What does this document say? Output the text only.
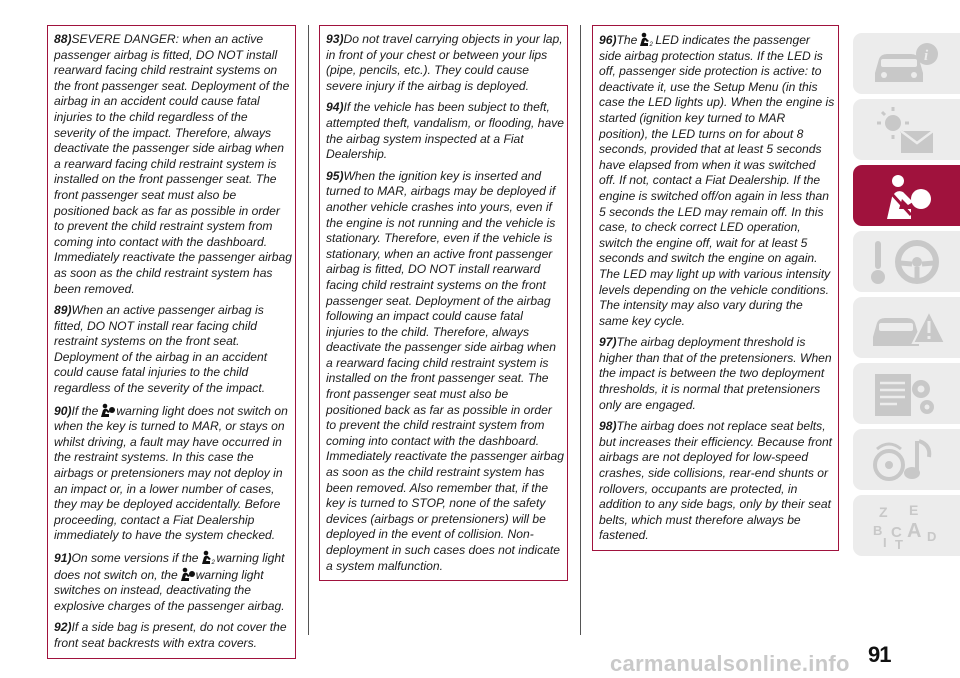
88)SEVERE DANGER: when an active passenger airbag is fitted, DO NOT install rearward facing child restraint systems on the front passenger seat. Deployment of the airbag in an accident could cause fatal injuries to the child regardless of the severity of the impact. Therefore, always deactivate the passenger side airbag when a rearward facing child restraint system is installed on the front passenger seat. The front passenger seat must also be positioned back as far as possible in order to prevent the child restraint system from coming into contact with the dashboard. Immediately reactivate the passenger airbag as soon as the child restraint system has been removed.

89)When an active passenger airbag is fitted, DO NOT install rear facing child restraint systems on the front seat. Deployment of the airbag in an accident could cause fatal injuries to the child regardless of the severity of the impact.

90)If the warning light does not switch on when the key is turned to MAR, or stays on whilst driving, a fault may have occurred in the restraint systems. In this case the airbags or pretensioners may not deploy in an impact or, in a lower number of cases, they may be deployed accidentally. Before proceeding, contact a Fiat Dealership immediately to have the system checked.

91)On some versions if the 2 warning light does not switch on, the warning light switches on instead, deactivating the explosive charges of the passenger airbag.

92)If a side bag is present, do not cover the front seat backrests with extra covers.

93)Do not travel carrying objects in your lap, in front of your chest or between your lips (pipe, pencils, etc.). They could cause severe injury if the airbag is deployed.

94)If the vehicle has been subject to theft, attempted theft, vandalism, or flooding, have the airbag system inspected at a Fiat Dealership.

95)When the ignition key is inserted and turned to MAR, airbags may be deployed if another vehicle crashes into yours, even if the engine is not running and the vehicle is stationary. Therefore, even if the vehicle is stationary, when an active front passenger airbag is fitted, DO NOT install rearward facing child restraint systems on the front passenger seat. Deployment of the airbag following an impact could cause fatal injuries to the child. Therefore, always deactivate the passenger side airbag when a rearward facing child restraint system is installed on the front passenger seat. The front passenger seat must also be positioned back as far as possible in order to prevent the child restraint system from coming into contact with the dashboard. Immediately reactivate the passenger airbag as soon as the child restraint system has been removed. Also remember that, if the key is turned to STOP, none of the safety devices (airbags or pretensioners) will be deployed in the event of collision. Non-deployment in such cases does not indicate a system malfunction.

96)The 2 LED indicates the passenger side airbag protection status. If the LED is off, passenger side protection is active: to deactivate it, use the Setup Menu (in this case the LED lights up). When the engine is started (ignition key turned to MAR position), the LED turns on for about 8 seconds, provided that at least 5 seconds have elapsed from when it was switched off. If not, contact a Fiat Dealership. If the engine is switched off/on again in less than 5 seconds the LED may remain off. In this case, to check correct LED operation, switch the engine off, wait for at least 5 seconds and switch the engine on again. The LED may light up with various intensity levels depending on the vehicle conditions. The intensity may also vary during the same key cycle.

97)The airbag deployment threshold is higher than that of the pretensioners. When the impact is between the two deployment thresholds, it is normal that pretensioners only are engaged.

98)The airbag does not replace seat belts, but increases their efficiency. Because front airbags are not deployed for low-speed crashes, side collisions, rear-end shunts or rollovers, occupants are protected, in addition to any side bags, only by their seat belts, which must therefore always be fastened.

i
Z E
B A
C D
T
I
91
carmanualsonline.info
